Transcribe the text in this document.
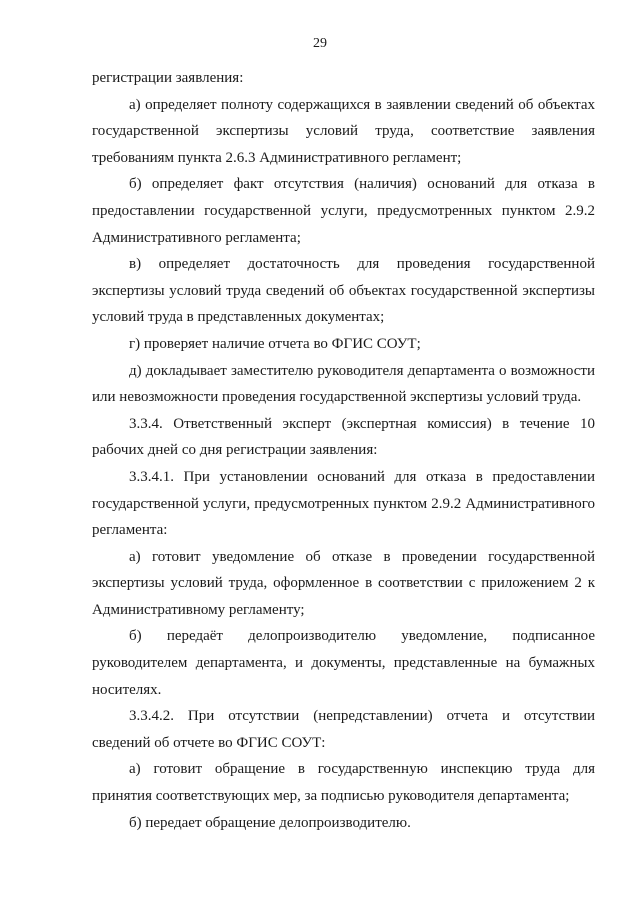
29

регистрации заявления:

а) определяет полноту содержащихся в заявлении сведений об объектах государственной экспертизы условий труда, соответствие заявления требованиям пункта 2.6.3 Административного регламент;

б) определяет факт отсутствия (наличия) оснований для отказа в предоставлении государственной услуги, предусмотренных пунктом 2.9.2 Административного регламента;

в) определяет достаточность для проведения государственной экспертизы условий труда сведений об объектах государственной экспертизы условий труда в представленных документах;

г) проверяет наличие отчета во ФГИС СОУТ;

д) докладывает заместителю руководителя департамента о возможности или невозможности проведения государственной экспертизы условий труда.

3.3.4. Ответственный эксперт (экспертная комиссия) в течение 10 рабочих дней со дня регистрации заявления:

3.3.4.1. При установлении оснований для отказа в предоставлении государственной услуги, предусмотренных пунктом 2.9.2 Административного регламента:

а) готовит уведомление об отказе в проведении государственной экспертизы условий труда, оформленное в соответствии с приложением 2 к Административному регламенту;

б) передаёт делопроизводителю уведомление, подписанное руководителем департамента, и документы, представленные на бумажных носителях.

3.3.4.2. При отсутствии (непредставлении) отчета и отсутствии сведений об отчете во ФГИС СОУТ:

а) готовит обращение в государственную инспекцию труда для принятия соответствующих мер, за подписью руководителя департамента;

б) передает обращение делопроизводителю.
